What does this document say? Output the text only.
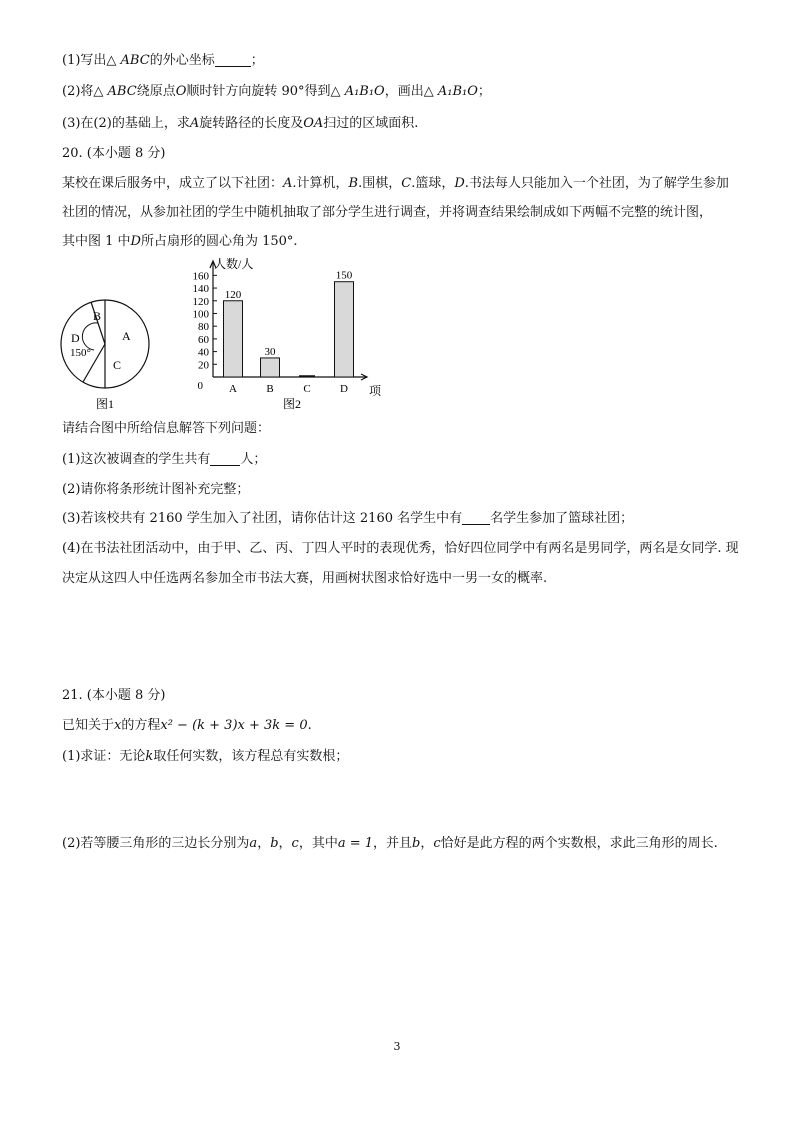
(1)写出△ ABC的外心坐标	；
(2)将△ ABC绕原点O顺时针方向旋转 90°得到△ A₁B₁O，画出△ A₁B₁O；
(3)在(2)的基础上，求A旋转路径的长度及OA扫过的区域面积.
20. (本小题 8 分)
某校在课后服务中，成立了以下社团：A.计算机，B.围棋，C.篮球，D.书法每人只能加入一个社团，为了解学生参加
社团的情况，从参加社团的学生中随机抽取了部分学生进行调查，并将调查结果绘制成如下两幅不完整的统计图，
其中图 1 中D所占扇形的圆心角为 150°.
A
B
C
D
150°
图1
人数/人
项
图2
0
20
40
60
80
100
120
140
160
A
120
B
30
C	D
150
请结合图中所给信息解答下列问题：
(1)这次被调查的学生共有 人；
(2)请你将条形统计图补充完整；
(3)若该校共有 2160 学生加入了社团，请你估计这 2160 名学生中有 名学生参加了篮球社团；
(4)在书法社团活动中，由于甲、乙、丙、丁四人平时的表现优秀，恰好四位同学中有两名是男同学，两名是女同学. 现
决定从这四人中任选两名参加全市书法大赛，用画树状图求恰好选中一男一女的概率.
21. (本小题 8 分)
已知关于x的方程x² − (k + 3)x + 3k = 0.
(1)求证：无论k取任何实数，该方程总有实数根；
(2)若等腰三角形的三边长分别为a，b，c，其中a = 1，并且b，c恰好是此方程的两个实数根，求此三角形的周长.
3
